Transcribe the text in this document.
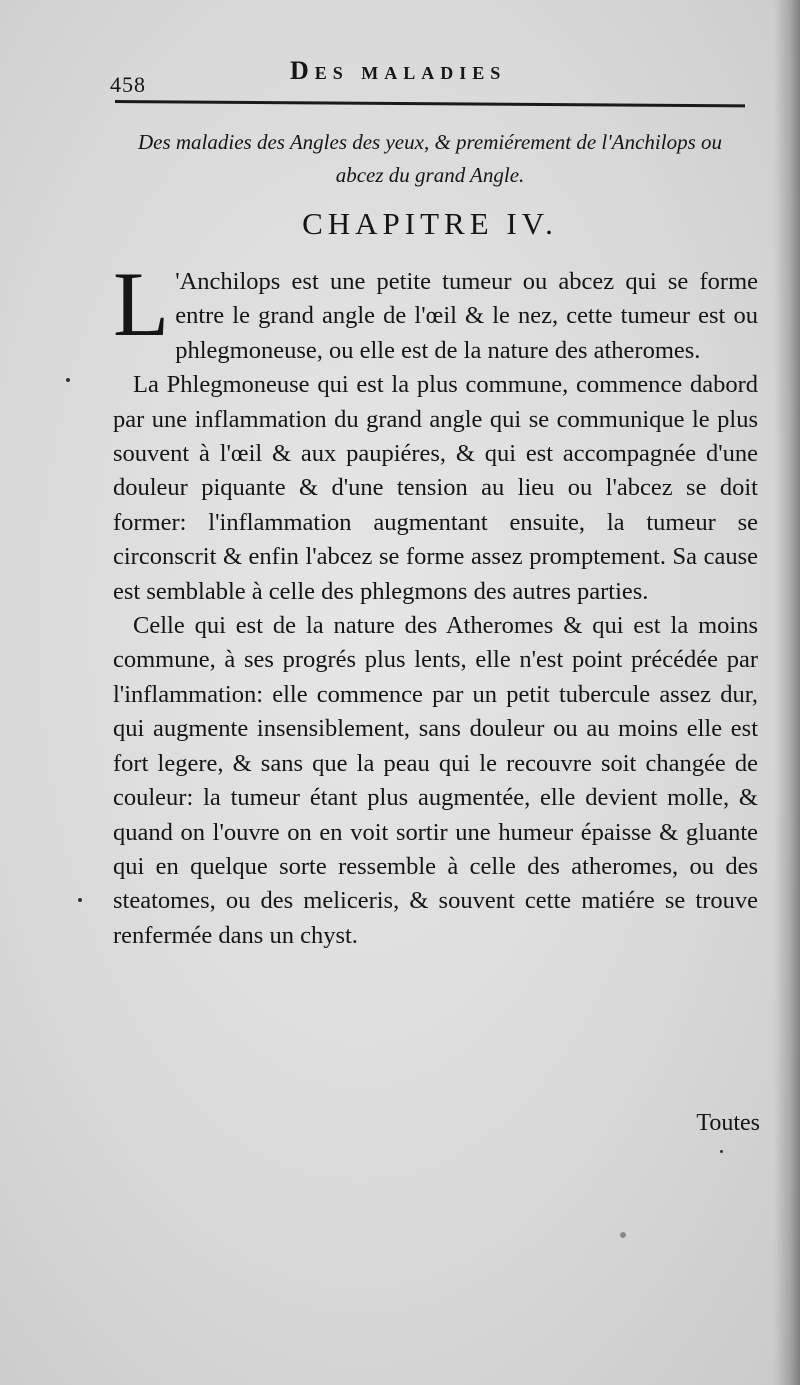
458	Des maladies
Des maladies des Angles des yeux, & premiérement de l'Anchilops ou abcez du grand Angle.
CHAPITRE IV.

L 'Anchilops est une petite tumeur ou abcez qui se forme entre le grand angle de l'œil & le nez, cette tumeur est ou phlegmoneuse, ou elle est de la nature des atheromes.

La Phlegmoneuse qui est la plus commune, commence dabord par une inflammation du grand angle qui se communique le plus souvent à l'œil & aux paupiéres, & qui est accompagnée d'une douleur piquante & d'une tension au lieu ou l'abcez se doit former: l'inflammation augmentant ensuite, la tumeur se circonscrit & enfin l'abcez se forme assez promptement. Sa cause est semblable à celle des phlegmons des autres parties.

Celle qui est de la nature des Atheromes & qui est la moins commune, à ses progrés plus lents, elle n'est point précédée par l'inflammation: elle commence par un petit tubercule assez dur, qui augmente insensiblement, sans douleur ou au moins elle est fort legere, & sans que la peau qui le recouvre soit changée de couleur: la tumeur étant plus augmentée, elle devient molle, & quand on l'ouvre on en voit sortir une humeur épaisse & gluante qui en quelque sorte ressemble à celle des atheromes, ou des steatomes, ou des meliceris, & souvent cette matiére se trouve renfermée dans un chyst.

Toutes
